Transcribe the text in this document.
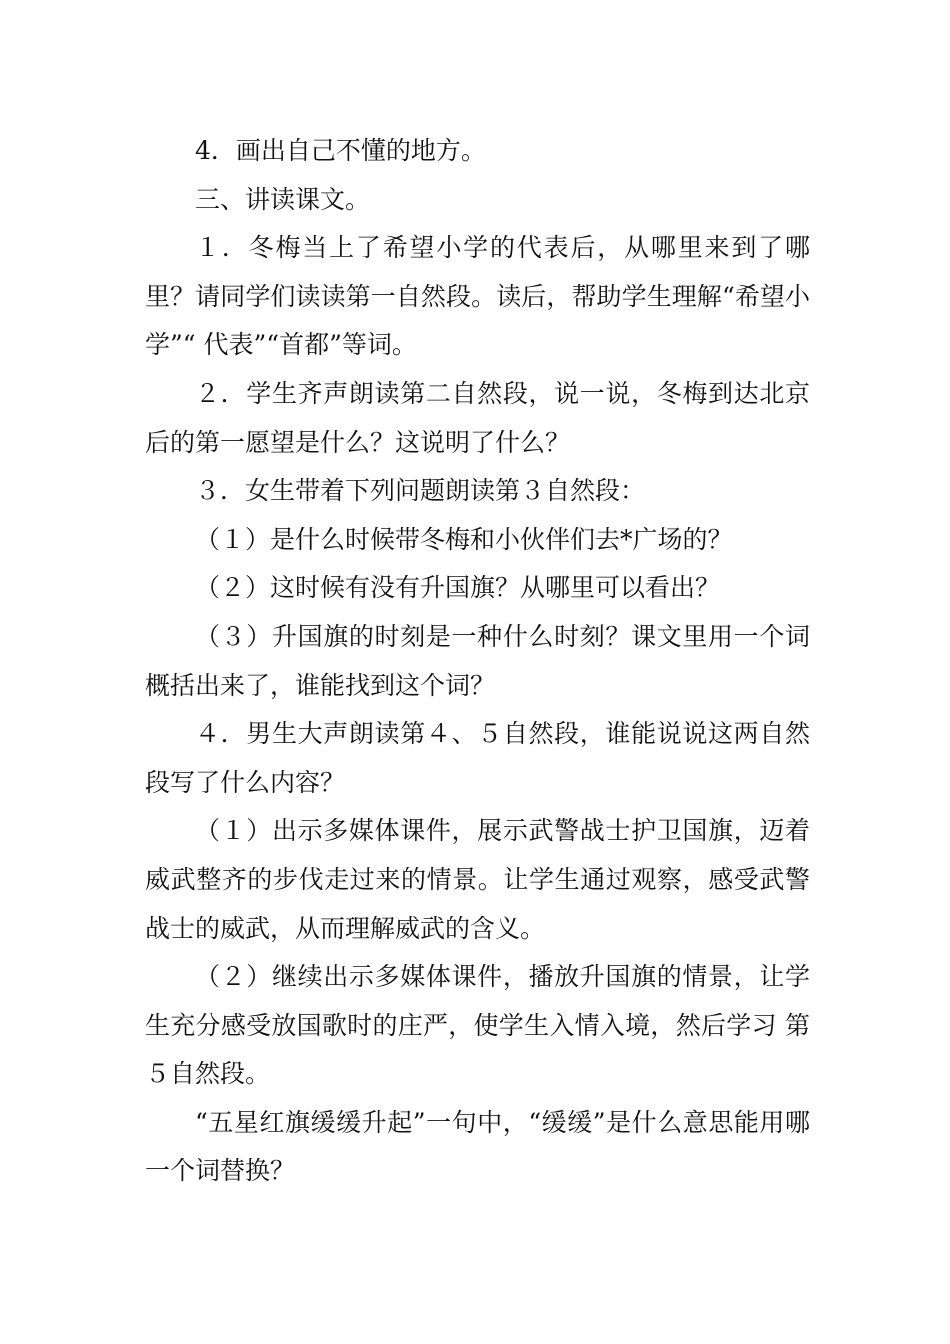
4．画出自己不懂的地方。

三、讲读课文。

１．冬梅当上了希望小学的代表后，从哪里来到了哪里？请同学们读读第一自然段。读后，帮助学生理解“希望小学”“ 代表”“首都”等词。

２．学生齐声朗读第二自然段，说一说，冬梅到达北京后的第一愿望是什么？这说明了什么？

３．女生带着下列问题朗读第３自然段：

（１）是什么时候带冬梅和小伙伴们去*广场的？

（２）这时候有没有升国旗？从哪里可以看出？

（３）升国旗的时刻是一种什么时刻？课文里用一个词概括出来了，谁能找到这个词？

４．男生大声朗读第４、５自然段，谁能说说这两自然段写了什么内容？

（１）出示多媒体课件，展示武警战士护卫国旗，迈着威武整齐的步伐走过来的情景。让学生通过观察，感受武警战士的威武，从而理解威武的含义。

（２）继续出示多媒体课件，播放升国旗的情景，让学生充分感受放国歌时的庄严，使学生入情入境，然后学习 第５自然段。

“五星红旗缓缓升起”一句中，“缓缓”是什么意思能用哪一个词替换？
